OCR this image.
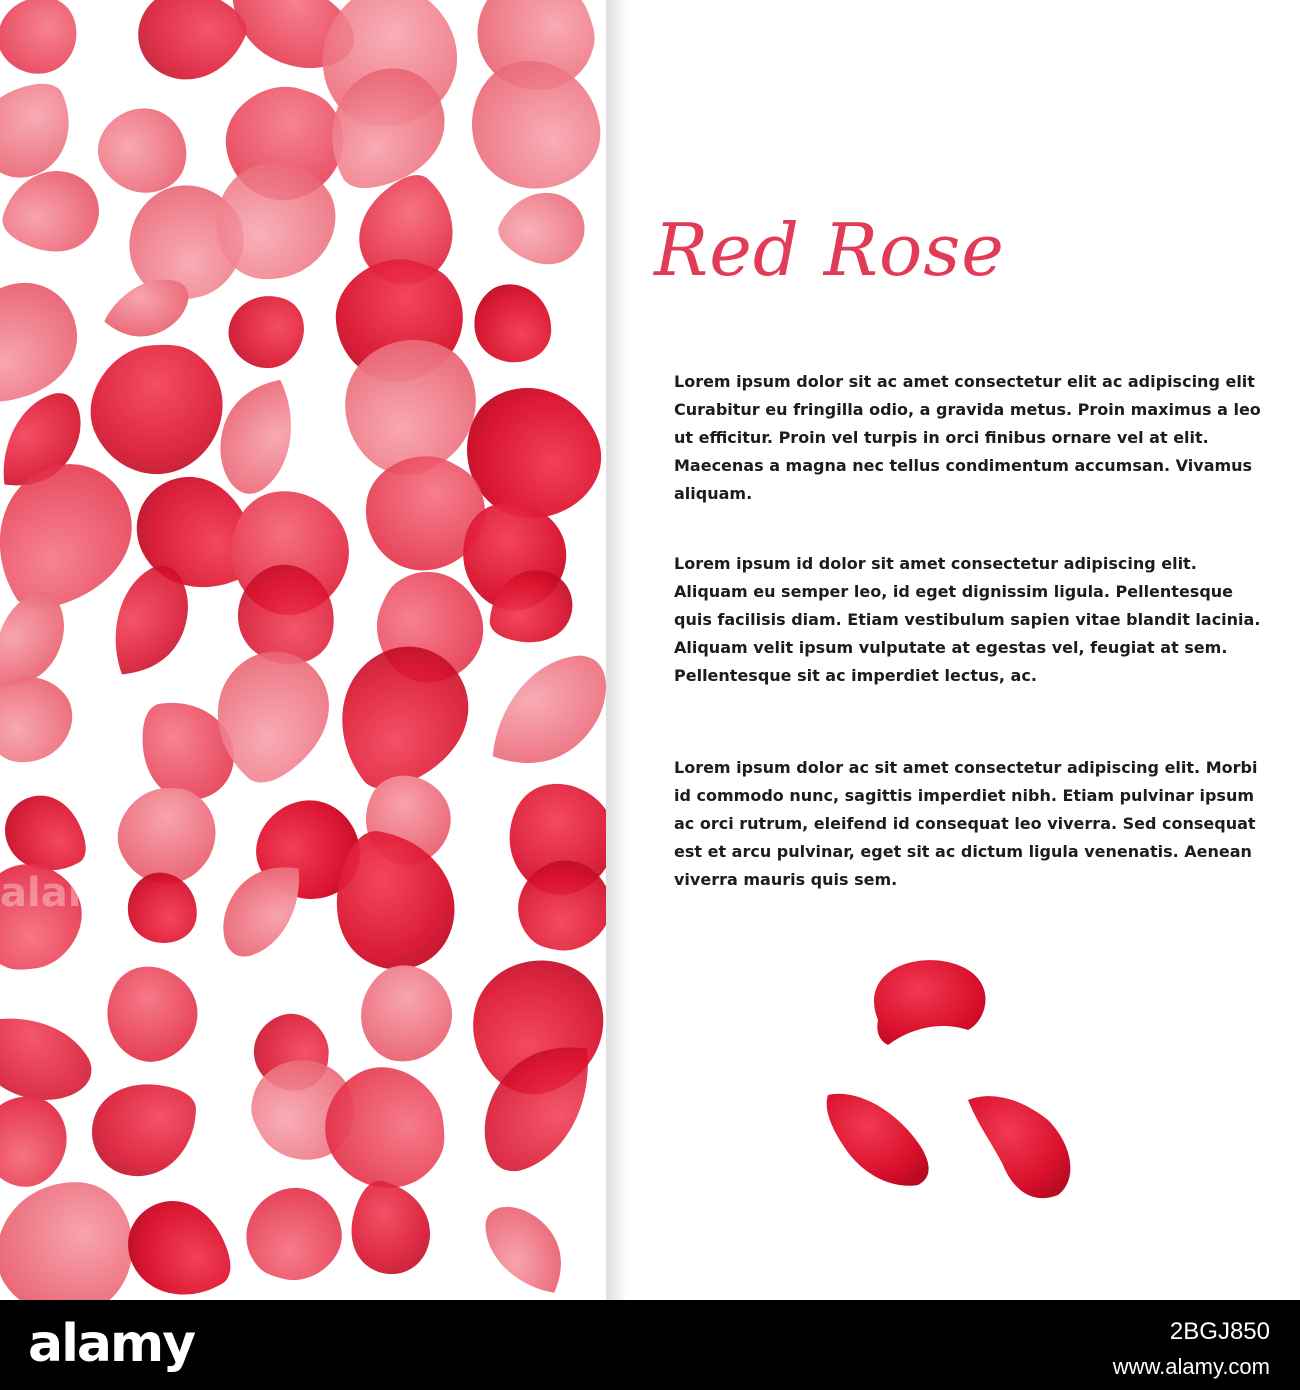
alamy
Red Rose

Lorem ipsum dolor sit ac amet consectetur elit ac adipiscing elit Curabitur eu fringilla odio, a gravida metus. Proin maximus a leo ut efficitur. Proin vel turpis in orci finibus ornare vel at elit. Maecenas a magna nec tellus condimentum accumsan. Vivamus aliquam.

Lorem ipsum id dolor sit amet consectetur adipiscing elit. Aliquam eu semper leo, id eget dignissim ligula. Pellentesque quis facilisis diam. Etiam vestibulum sapien vitae blandit lacinia. Aliquam velit ipsum vulputate at egestas vel, feugiat at sem. Pellentesque sit ac imperdiet lectus, ac.

Lorem ipsum dolor ac sit amet consectetur adipiscing elit. Morbi id commodo nunc, sagittis imperdiet nibh. Etiam pulvinar ipsum ac orci rutrum, eleifend id consequat leo viverra. Sed consequat est et arcu pulvinar, eget sit ac dictum ligula venenatis. Aenean viverra mauris quis sem.

alamy	2BGJ850
www.alamy.com
